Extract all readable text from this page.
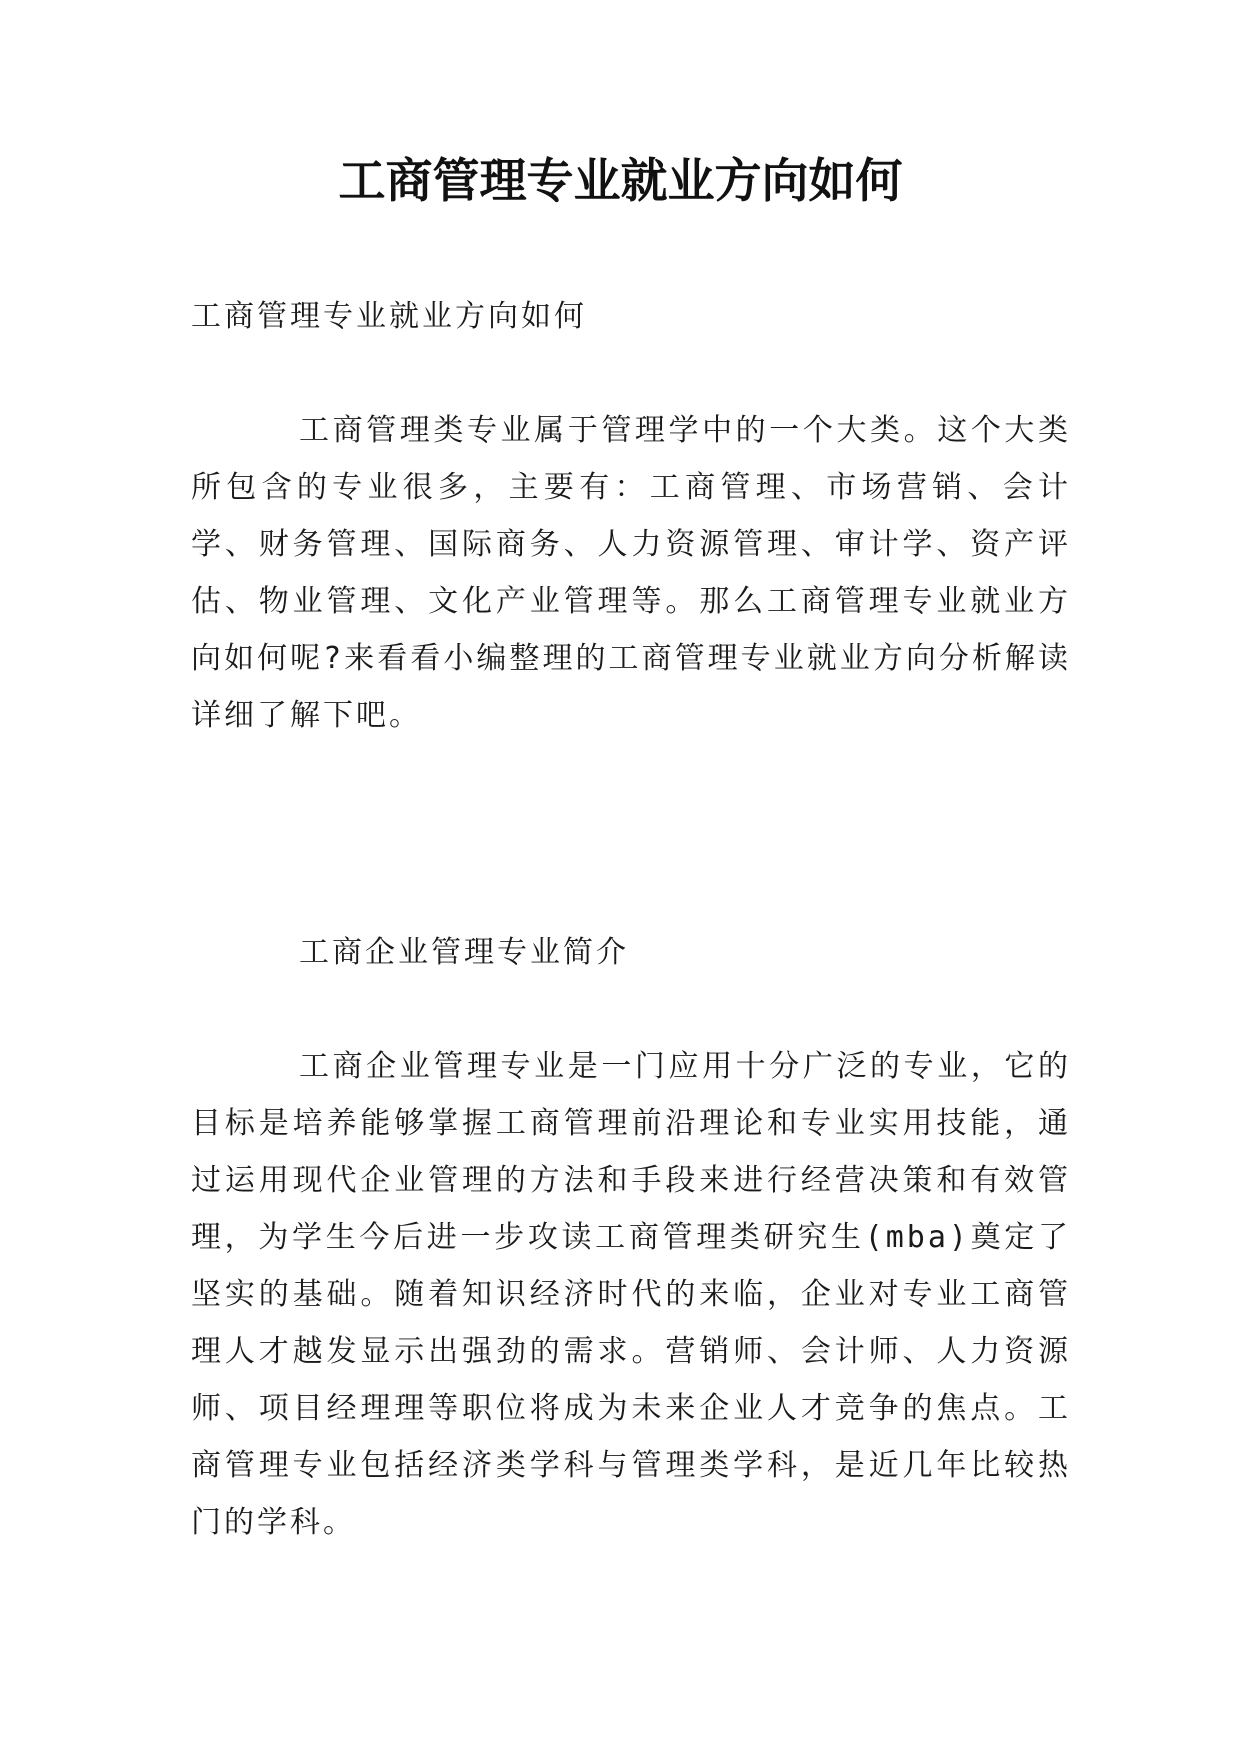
工商管理专业就业方向如何

工商管理专业就业方向如何

工商管理类专业属于管理学中的一个大类。这个大类所包含的专业很多，主要有：工商管理、市场营销、会计学、财务管理、国际商务、人力资源管理、审计学、资产评估、物业管理、文化产业管理等。那么工商管理专业就业方向如何呢?来看看小编整理的工商管理专业就业方向分析解读详细了解下吧。

工商企业管理专业简介

工商企业管理专业是一门应用十分广泛的专业，它的目标是培养能够掌握工商管理前沿理论和专业实用技能，通过运用现代企业管理的方法和手段来进行经营决策和有效管理，为学生今后进一步攻读工商管理类研究生(mba)奠定了坚实的基础。随着知识经济时代的来临，企业对专业工商管理人才越发显示出强劲的需求。营销师、会计师、人力资源师、项目经理理等职位将成为未来企业人才竞争的焦点。工商管理专业包括经济类学科与管理类学科，是近几年比较热门的学科。
